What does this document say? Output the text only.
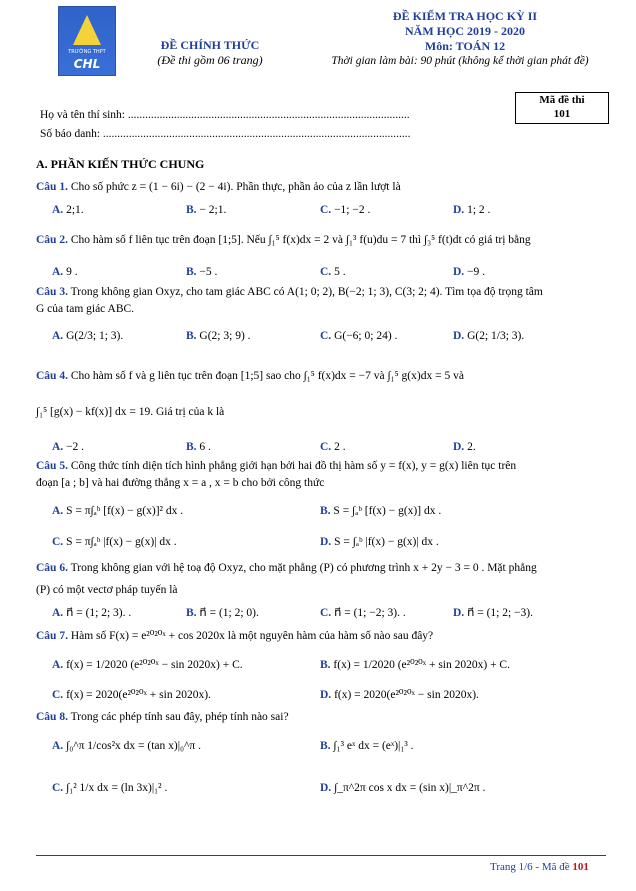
TRƯỜNG THPT
CHL
ĐỀ CHÍNH THỨC
(Đề thi gồm 06 trang)
ĐỀ KIỂM TRA HỌC KỲ II
NĂM HỌC 2019 - 2020
Môn: TOÁN 12
Thời gian làm bài: 90 phút (không kể thời gian phát đề)
Mã đề thi
101
Họ và tên thí sinh: ..................................................................................................
Số báo danh: ...........................................................................................................
A. PHẦN KIẾN THỨC CHUNG
Câu 1. Cho số phức z = (1 − 6i) − (2 − 4i). Phần thực, phần ảo của z lần lượt là
A. 2;1.	B. − 2;1.	C. −1; −2 .	D. 1; 2 .
Câu 2. Cho hàm số f liên tục trên đoạn [1;5]. Nếu ∫₁⁵ f(x)dx = 2 và ∫₁³ f(u)du = 7 thì ∫₃⁵ f(t)dt có giá trị bằng
A. 9 .	B. −5 .	C. 5 .	D. −9 .
Câu 3. Trong không gian Oxyz, cho tam giác ABC có A(1; 0; 2), B(−2; 1; 3), C(3; 2; 4). Tìm tọa độ trọng tâm
G của tam giác ABC.
A. G(2/3; 1; 3).	B. G(2; 3; 9) .	C. G(−6; 0; 24) .	D. G(2; 1/3; 3).
Câu 4. Cho hàm số f và g liên tục trên đoạn [1;5] sao cho ∫₁⁵ f(x)dx = −7 và ∫₁⁵ g(x)dx = 5 và
∫₁⁵ [g(x) − kf(x)] dx = 19. Giá trị của k là
A. −2 .	B. 6 .	C. 2 .	D. 2.
Câu 5. Công thức tính diện tích hình phẳng giới hạn bởi hai đồ thị hàm số y = f(x), y = g(x) liên tục trên
đoạn [a ; b] và hai đường thẳng x = a , x = b cho bởi công thức
A. S = π∫ₐᵇ [f(x) − g(x)]² dx .	B. S = ∫ₐᵇ [f(x) − g(x)] dx .
C. S = π∫ₐᵇ |f(x) − g(x)| dx .	D. S = ∫ₐᵇ |f(x) − g(x)| dx .
Câu 6. Trong không gian với hệ toạ độ Oxyz, cho mặt phẳng (P) có phương trình x + 2y − 3 = 0 . Mặt phẳng
(P) có một vectơ pháp tuyến là
A. n⃗ = (1; 2; 3). .	B. n⃗ = (1; 2; 0).	C. n⃗ = (1; −2; 3). .	D. n⃗ = (1; 2; −3).
Câu 7. Hàm số F(x) = e²⁰²⁰ˣ + cos 2020x là một nguyên hàm của hàm số nào sau đây?
A. f(x) = 1/2020 (e²⁰²⁰ˣ − sin 2020x) + C.	B. f(x) = 1/2020 (e²⁰²⁰ˣ + sin 2020x) + C.
C. f(x) = 2020(e²⁰²⁰ˣ + sin 2020x).	D. f(x) = 2020(e²⁰²⁰ˣ − sin 2020x).
Câu 8. Trong các phép tính sau đây, phép tính nào sai?
A. ∫₀^π 1/cos²x dx = (tan x)|₀^π .	B. ∫₁³ eˣ dx = (eˣ)|₁³ .
C. ∫₁² 1/x dx = (ln 3x)|₁² .	D. ∫_π^2π cos x dx = (sin x)|_π^2π .
Trang 1/6 - Mã đề 101
